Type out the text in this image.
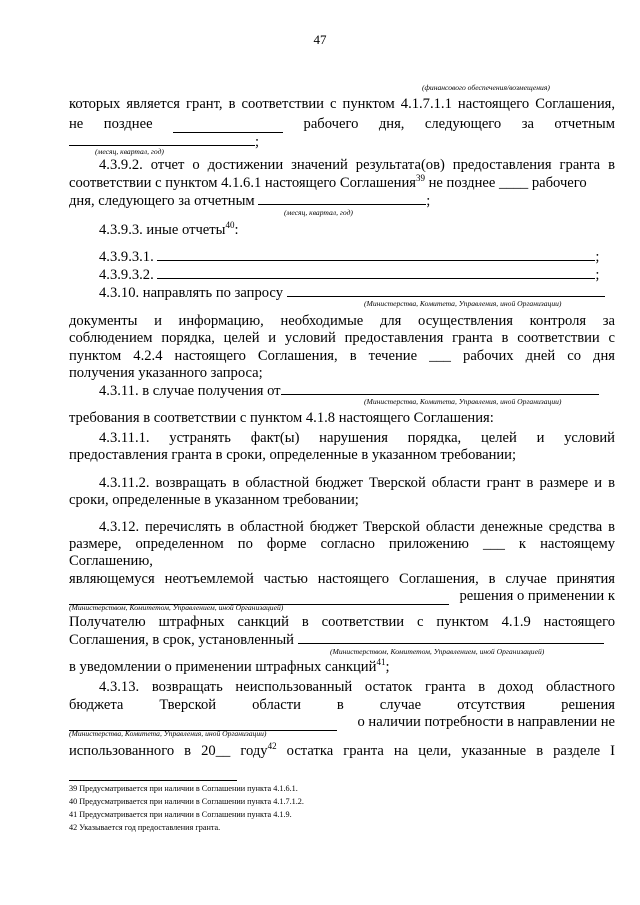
47
(финансового обеспечения/возмещения)
которых является грант, в соответствии с пунктом 4.1.7.1.1 настоящего Соглашения,
не позднее	рабочего дня, следующего за отчетным
;
(месяц, квартал, год)
4.3.9.2. отчет о достижении значений результата(ов) предоставления гранта в
соответствии с пунктом 4.1.6.1 настоящего Соглашения$^{39}$ не позднее ____ рабочего
дня, следующего за отчетным	;
(месяц, квартал, год)
4.3.9.3. иные отчеты$^{40}$:
4.3.9.3.1.	;
4.3.9.3.2.	;
4.3.10. направлять по запросу
(Министерства, Комитета, Управления, иной Организации)
документы и информацию, необходимые для осуществления контроля за
соблюдением порядка, целей и условий предоставления гранта в соответствии с
пунктом 4.2.4 настоящего Соглашения, в течение ___ рабочих дней со дня
получения указанного запроса;
4.3.11. в случае получения от
(Министерства, Комитета, Управления, иной Организации)
требования в соответствии с пунктом 4.1.8 настоящего Соглашения:
4.3.11.1. устранять факт(ы) нарушения порядка, целей и условий
предоставления гранта в сроки, определенные в указанном требовании;
4.3.11.2. возвращать в областной бюджет Тверской области грант в размере и в
сроки, определенные в указанном требовании;
4.3.12. перечислять в областной бюджет Тверской области денежные средства в
размере, определенном по форме согласно приложению ___ к настоящему
Соглашению,
являющемуся неотъемлемой частью настоящего Соглашения, в случае принятия
решения о применении к
(Министерством, Комитетом, Управлением, иной Организацией)
Получателю штрафных санкций в соответствии с пунктом 4.1.9 настоящего
Соглашения, в срок, установленный
(Министерством, Комитетом, Управлением, иной Организацией)
в уведомлении о применении штрафных санкций$^{41}$;
4.3.13. возвращать неиспользованный остаток гранта в доход областного
бюджета Тверской области в случае отсутствия решения
о наличии потребности в направлении не
(Министерства, Комитета, Управления, иной Организации)
использованного в 20__ году$^{42}$ остатка гранта на цели, указанные в разделе I
39 Предусматривается при наличии в Соглашении пункта 4.1.6.1.
40 Предусматривается при наличии в Соглашении пункта 4.1.7.1.2.
41 Предусматривается при наличии в Соглашении пункта 4.1.9.
42 Указывается год предоставления гранта.
